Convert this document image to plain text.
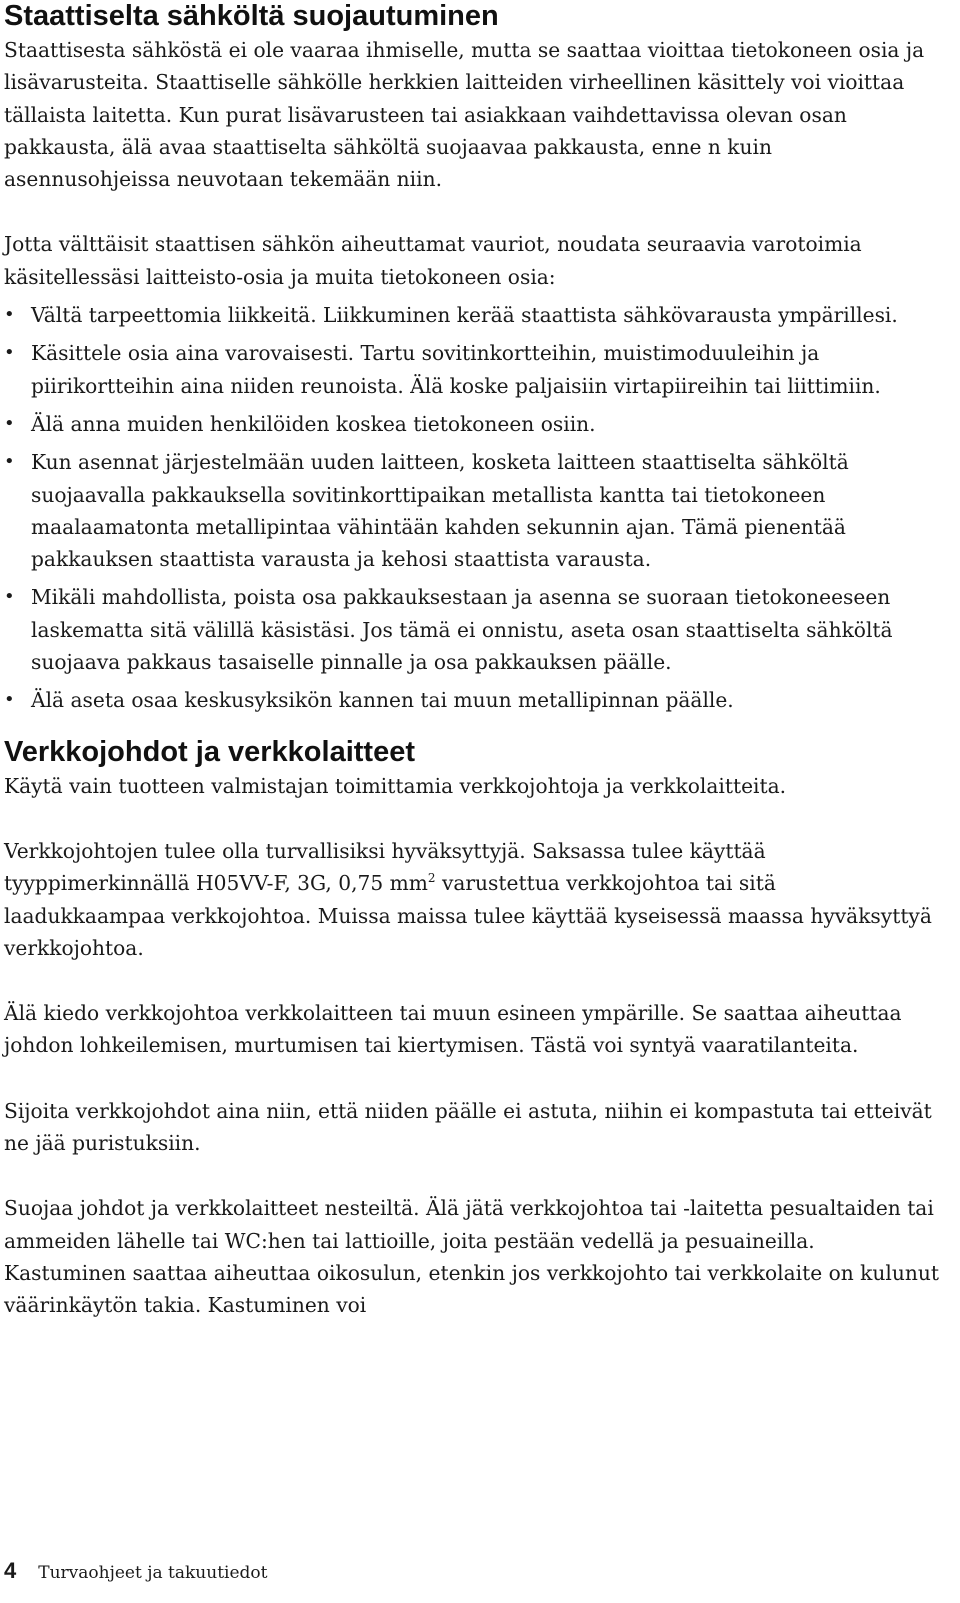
Staattiselta sähköltä suojautuminen

Staattisesta sähköstä ei ole vaaraa ihmiselle, mutta se saattaa vioittaa tietokoneen osia ja lisävarusteita. Staattiselle sähkölle herkkien laitteiden virheellinen käsittely voi vioittaa tällaista laitetta. Kun purat lisävarusteen tai asiakkaan vaihdettavissa olevan osan pakkausta, älä avaa staattiselta sähköltä suojaavaa pakkausta, enne n kuin asennusohjeissa neuvotaan tekemään niin.

Jotta välttäisit staattisen sähkön aiheuttamat vauriot, noudata seuraavia varotoimia käsitellessäsi laitteisto-osia ja muita tietokoneen osia:

• Vältä tarpeettomia liikkeitä. Liikkuminen kerää staattista sähkövarausta ympärillesi.
• Käsittele osia aina varovaisesti. Tartu sovitinkortteihin, muistimoduuleihin ja piirikortteihin aina niiden reunoista. Älä koske paljaisiin virtapiireihin tai liittimiin.
• Älä anna muiden henkilöiden koskea tietokoneen osiin.
• Kun asennat järjestelmään uuden laitteen, kosketa laitteen staattiselta sähköltä suojaavalla pakkauksella sovitinkorttipaikan metallista kantta tai tietokoneen maalaamatonta metallipintaa vähintään kahden sekunnin ajan. Tämä pienentää pakkauksen staattista varausta ja kehosi staattista varausta.
• Mikäli mahdollista, poista osa pakkauksestaan ja asenna se suoraan tietokoneeseen laskematta sitä välillä käsistäsi. Jos tämä ei onnistu, aseta osan staattiselta sähköltä suojaava pakkaus tasaiselle pinnalle ja osa pakkauksen päälle.
• Älä aseta osaa keskusyksikön kannen tai muun metallipinnan päälle.
Verkkojohdot ja verkkolaitteet

Käytä vain tuotteen valmistajan toimittamia verkkojohtoja ja verkkolaitteita.

Verkkojohtojen tulee olla turvallisiksi hyväksyttyjä. Saksassa tulee käyttää tyyppimerkinnällä H05VV-F, 3G, 0,75 $mm^2$ varustettua verkkojohtoa tai sitä laadukkaampaa verkkojohtoa. Muissa maissa tulee käyttää kyseisessä maassa hyväksyttyä verkkojohtoa.

Älä kiedo verkkojohtoa verkkolaitteen tai muun esineen ympärille. Se saattaa aiheuttaa johdon lohkeilemisen, murtumisen tai kiertymisen. Tästä voi syntyä vaaratilanteita.

Sijoita verkkojohdot aina niin, että niiden päälle ei astuta, niihin ei kompastuta tai etteivät ne jää puristuksiin.

Suojaa johdot ja verkkolaitteet nesteiltä. Älä jätä verkkojohtoa tai -laitetta pesualtaiden tai ammeiden lähelle tai WC:hen tai lattioille, joita pestään vedellä ja pesuaineilla. Kastuminen saattaa aiheuttaa oikosulun, etenkin jos verkkojohto tai verkkolaite on kulunut väärinkäytön takia. Kastuminen voi

4 Turvaohjeet ja takuutiedot
